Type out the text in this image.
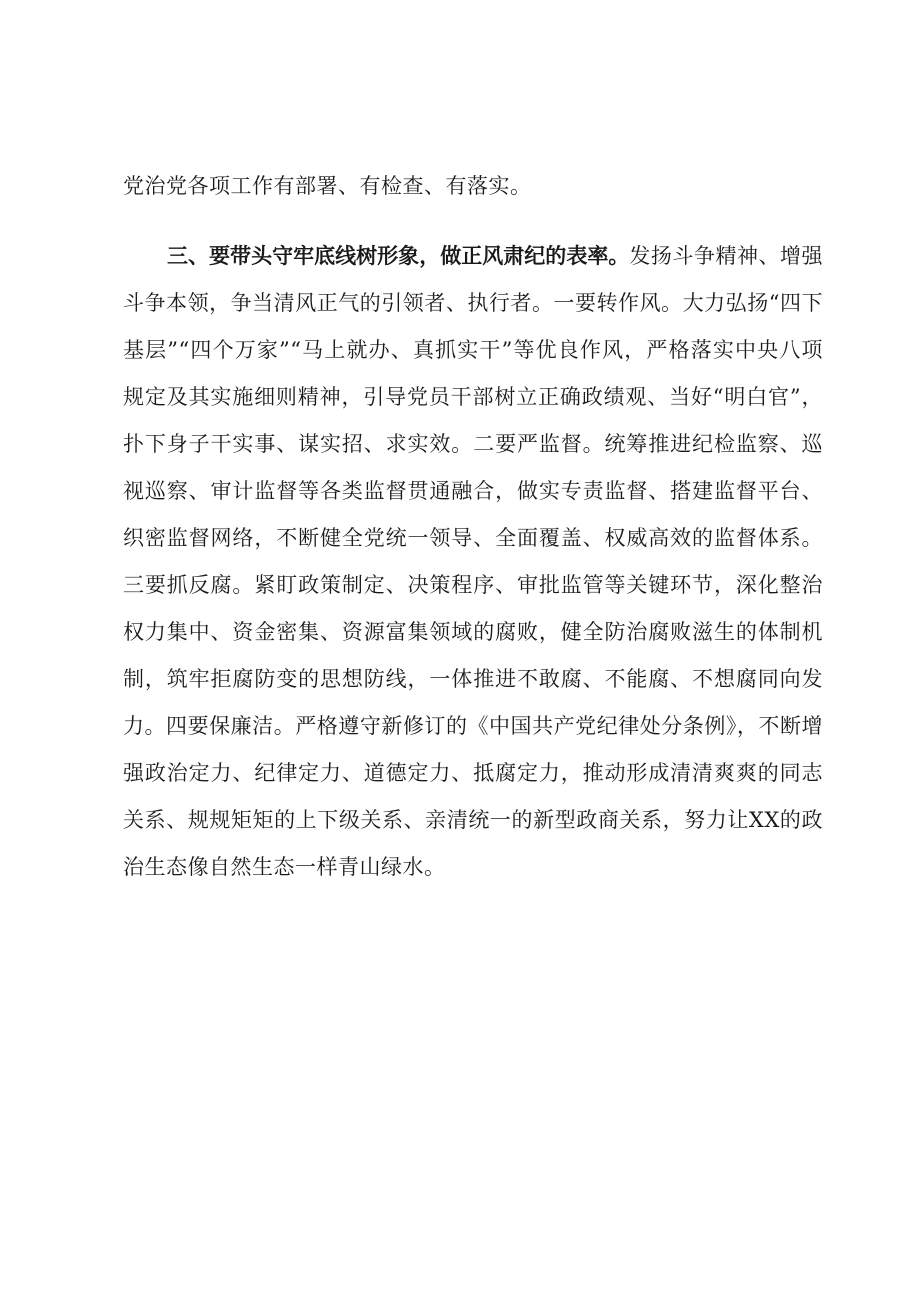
党治党各项工作有部署、有检查、有落实。

三、要带头守牢底线树形象，做正风肃纪的表率。发扬斗争精神、增强斗争本领，争当清风正气的引领者、执行者。一要转作风。大力弘扬“四下基层”“四个万家”“马上就办、真抓实干”等优良作风，严格落实中央八项规定及其实施细则精神，引导党员干部树立正确政绩观、当好“明白官”，扑下身子干实事、谋实招、求实效。二要严监督。统筹推进纪检监察、巡视巡察、审计监督等各类监督贯通融合，做实专责监督、搭建监督平台、织密监督网络，不断健全党统一领导、全面覆盖、权威高效的监督体系。三要抓反腐。紧盯政策制定、决策程序、审批监管等关键环节，深化整治权力集中、资金密集、资源富集领域的腐败，健全防治腐败滋生的体制机制，筑牢拒腐防变的思想防线，一体推进不敢腐、不能腐、不想腐同向发力。四要保廉洁。严格遵守新修订的《中国共产党纪律处分条例》，不断增强政治定力、纪律定力、道德定力、抵腐定力，推动形成清清爽爽的同志关系、规规矩矩的上下级关系、亲清统一的新型政商关系，努力让XX的政治生态像自然生态一样青山绿水。
